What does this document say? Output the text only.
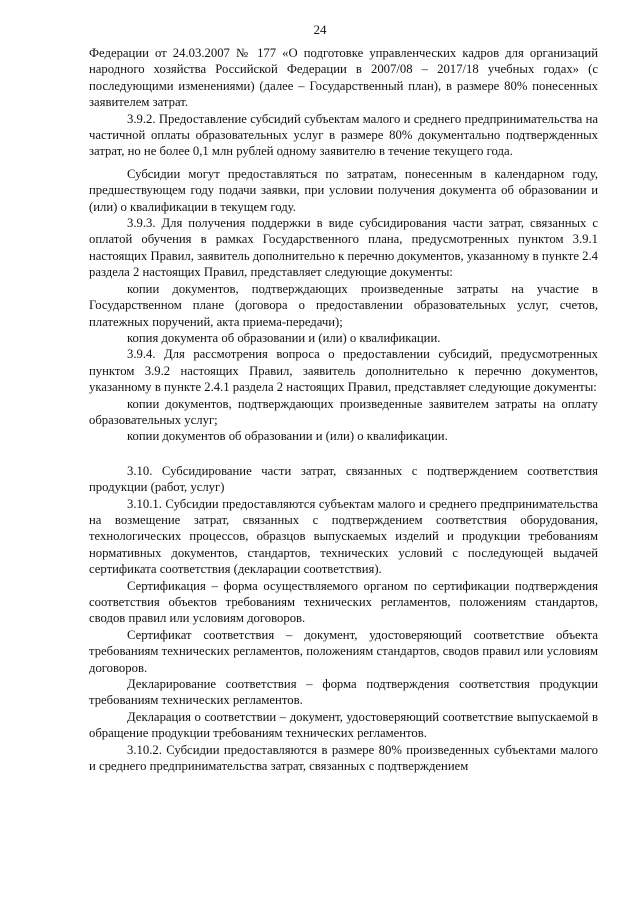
24

Федерации от 24.03.2007 № 177 «О подготовке управленческих кадров для организаций народного хозяйства Российской Федерации в 2007/08 – 2017/18 учебных годах» (с последующими изменениями) (далее – Государственный план), в размере 80% понесенных заявителем затрат.

3.9.2. Предоставление субсидий субъектам малого и среднего предпринимательства на частичной оплаты образовательных услуг в размере 80% документально подтвержденных затрат, но не более 0,1 млн рублей одному заявителю в течение текущего года.

Субсидии могут предоставляться по затратам, понесенным в календарном году, предшествующем году подачи заявки, при условии получения документа об образовании и (или) о квалификации в текущем году.

3.9.3. Для получения поддержки в виде субсидирования части затрат, связанных с оплатой обучения в рамках Государственного плана, предусмотренных пунктом 3.9.1 настоящих Правил, заявитель дополнительно к перечню документов, указанному в пункте 2.4 раздела 2 настоящих Правил, представляет следующие документы:

копии документов, подтверждающих произведенные затраты на участие в Государственном плане (договора о предоставлении образовательных услуг, счетов, платежных поручений, акта приема-передачи);

копия документа об образовании и (или) о квалификации.

3.9.4. Для рассмотрения вопроса о предоставлении субсидий, предусмотренных пунктом 3.9.2 настоящих Правил, заявитель дополнительно к перечню документов, указанному в пункте 2.4.1 раздела 2 настоящих Правил, представляет следующие документы:

копии документов, подтверждающих произведенные заявителем затраты на оплату образовательных услуг;

копии документов об образовании и (или) о квалификации.

3.10. Субсидирование части затрат, связанных с подтверждением соответствия продукции (работ, услуг)

3.10.1. Субсидии предоставляются субъектам малого и среднего предпринимательства на возмещение затрат, связанных с подтверждением соответствия оборудования, технологических процессов, образцов выпускаемых изделий и продукции требованиям нормативных документов, стандартов, технических условий с последующей выдачей сертификата соответствия (декларации соответствия).

Сертификация – форма осуществляемого органом по сертификации подтверждения соответствия объектов требованиям технических регламентов, положениям стандартов, сводов правил или условиям договоров.

Сертификат соответствия – документ, удостоверяющий соответствие объекта требованиям технических регламентов, положениям стандартов, сводов правил или условиям договоров.

Декларирование соответствия – форма подтверждения соответствия продукции требованиям технических регламентов.

Декларация о соответствии – документ, удостоверяющий соответствие выпускаемой в обращение продукции требованиям технических регламентов.

3.10.2. Субсидии предоставляются в размере 80% произведенных субъектами малого и среднего предпринимательства затрат, связанных с подтверждением
